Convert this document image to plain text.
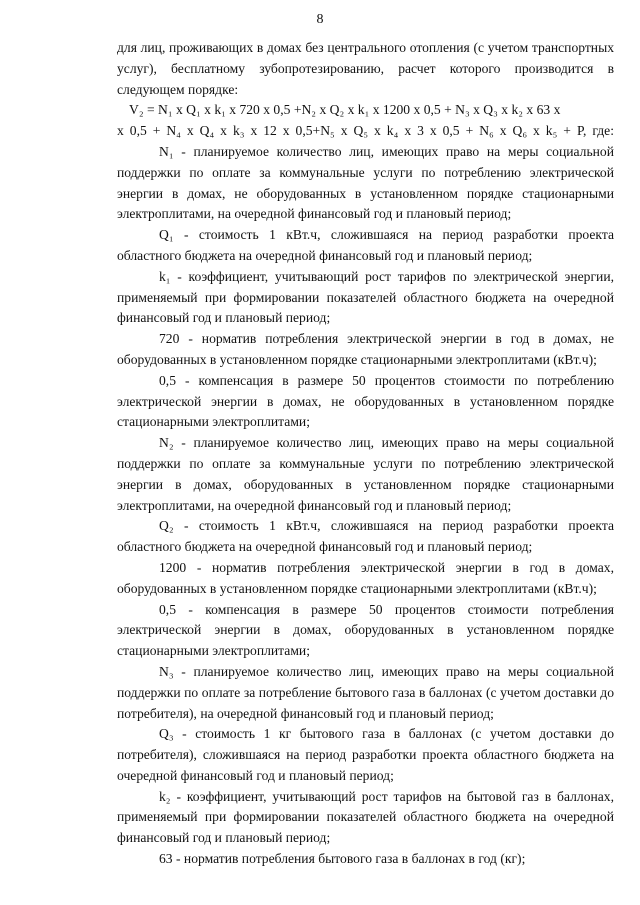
8

для лиц, проживающих в домах без центрального отопления (с учетом транспортных услуг), бесплатному зубопротезированию, расчет которого производится в следующем порядке:

V₂ = N₁ x Q₁ x k₁ x 720 x 0,5 +N₂ x Q₂ x k₁ x 1200 x 0,5 + N₃ x Q₃ x k₂ x 63 x
x 0,5 + N₄ x Q₄ x k₃ x 12 x 0,5+N₅ x Q₅ x k₄ x 3 x 0,5 + N₆ x Q₆ x k₅ + P, где:

N₁ - планируемое количество лиц, имеющих право на меры социальной поддержки по оплате за коммунальные услуги по потреблению электрической энергии в домах, не оборудованных в установленном порядке стационарными электроплитами, на очередной финансовый год и плановый период;

Q₁ - стоимость 1 кВт.ч, сложившаяся на период разработки проекта областного бюджета на очередной финансовый год и плановый период;

k₁ - коэффициент, учитывающий рост тарифов по электрической энергии, применяемый при формировании показателей областного бюджета на очередной финансовый год и плановый период;

720 - норматив потребления электрической энергии в год в домах, не оборудованных в установленном порядке стационарными электроплитами (кВт.ч);

0,5 - компенсация в размере 50 процентов стоимости по потреблению электрической энергии в домах, не оборудованных в установленном порядке стационарными электроплитами;

N₂ - планируемое количество лиц, имеющих право на меры социальной поддержки по оплате за коммунальные услуги по потреблению электрической энергии в домах, оборудованных в установленном порядке стационарными электроплитами, на очередной финансовый год и плановый период;

Q₂ - стоимость 1 кВт.ч, сложившаяся на период разработки проекта областного бюджета на очередной финансовый год и плановый период;

1200 - норматив потребления электрической энергии в год в домах, оборудованных в установленном порядке стационарными электроплитами (кВт.ч);

0,5 - компенсация в размере 50 процентов стоимости потребления электрической энергии в домах, оборудованных в установленном порядке стационарными электроплитами;

N₃ - планируемое количество лиц, имеющих право на меры социальной поддержки по оплате за потребление бытового газа в баллонах (с учетом доставки до потребителя), на очередной финансовый год и плановый период;

Q₃ - стоимость 1 кг бытового газа в баллонах (с учетом доставки до потребителя), сложившаяся на период разработки проекта областного бюджета на очередной финансовый год и плановый период;

k₂ - коэффициент, учитывающий рост тарифов на бытовой газ в баллонах, применяемый при формировании показателей областного бюджета на очередной финансовый год и плановый период;

63 - норматив потребления бытового газа в баллонах в год (кг);
